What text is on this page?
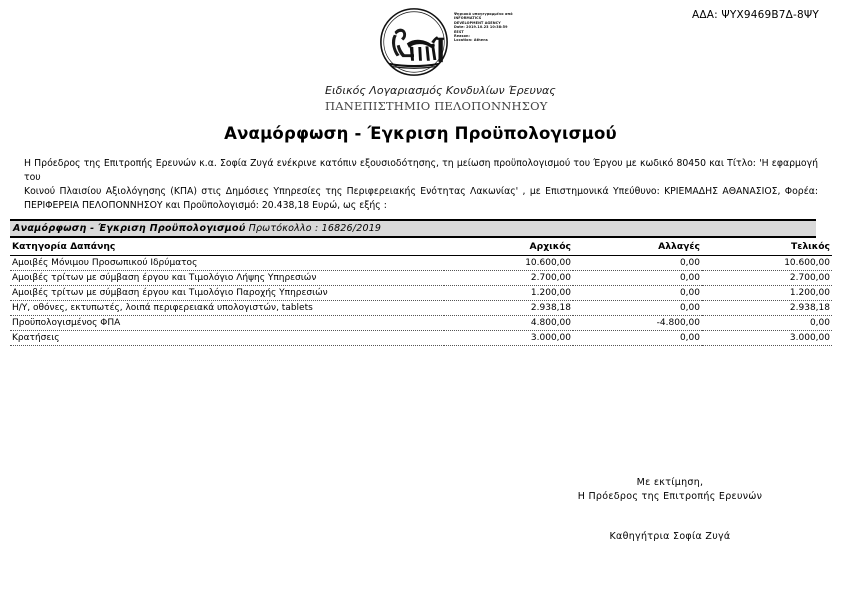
ΑΔΑ: ΨΥΧ9469Β7Δ-8ΨΥ
Ψηφιακά υπογεγραμμένο από
INFORMATICS
DEVELOPMENT AGENCY
Date: 2019.10.23 10:38:59
EEST
Reason:
Location: Athens
Ειδικός Λογαριασμός Κονδυλίων Έρευνας
ΠΑΝΕΠΙΣΤΗΜΙΟ ΠΕΛΟΠΟΝΝΗΣΟΥ
Αναμόρφωση - Έγκριση Προϋπολογισμού
Η Πρόεδρος της Επιτροπής Ερευνών κ.α. Σοφία Ζυγά ενέκρινε κατόπιν εξουσιοδότησης, τη μείωση προϋπολογισμού του Έργου με κωδικό 80450 και Τίτλο: 'Η εφαρμογή του
Κοινού Πλαισίου Αξιολόγησης (ΚΠΑ) στις Δημόσιες Υπηρεσίες της Περιφερειακής Ενότητας Λακωνίας' , με Επιστημονικά Υπεύθυνο: ΚΡΙΕΜΑΔΗΣ ΑΘΑΝΑΣΙΟΣ, Φορέα:
ΠΕΡΙΦΕΡΕΙΑ ΠΕΛΟΠΟΝΝΗΣΟΥ και Προϋπολογισμό: 20.438,18 Ευρώ, ως εξής :
Αναμόρφωση - Έγκριση Προϋπολογισμού Πρωτόκολλο : 16826/2019
Κατηγορία Δαπάνης	Αρχικός	Αλλαγές	Τελικός
Αμοιβές Μόνιμου Προσωπικού Ιδρύματος	10.600,00	0,00	10.600,00
Αμοιβές τρίτων με σύμβαση έργου και Τιμολόγιο Λήψης Υπηρεσιών	2.700,00	0,00	2.700,00
Αμοιβές τρίτων με σύμβαση έργου και Τιμολόγιο Παροχής Υπηρεσιών	1.200,00	0,00	1.200,00
Η/Υ, οθόνες, εκτυπωτές, λοιπά περιφερειακά υπολογιστών, tablets	2.938,18	0,00	2.938,18
Προϋπολογισμένος ΦΠΑ	4.800,00	-4.800,00	0,00
Κρατήσεις	3.000,00	0,00	3.000,00
Με εκτίμηση,
Η Πρόεδρος της Επιτροπής Ερευνών
Καθηγήτρια Σοφία Ζυγά
